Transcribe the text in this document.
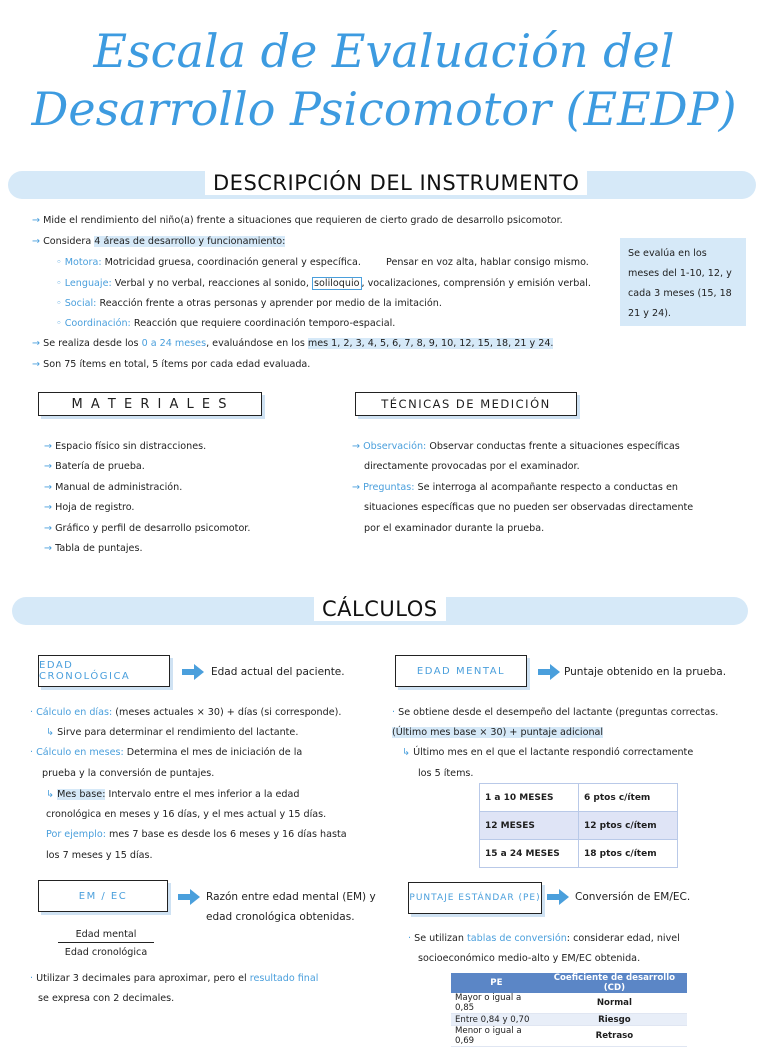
Escala de Evaluación del
Desarrollo Psicomotor (EEDP)
DESCRIPCIÓN DEL INSTRUMENTO
→ Mide el rendimiento del niño(a) frente a situaciones que requieren de cierto grado de desarrollo psicomotor.
→ Considera 4 áreas de desarrollo y funcionamiento:
◦ Motora: Motricidad gruesa, coordinación general y específica.	Pensar en voz alta, hablar consigo mismo.
◦ Lenguaje: Verbal y no verbal, reacciones al sonido, soliloquio , vocalizaciones, comprensión y emisión verbal.
◦ Social: Reacción frente a otras personas y aprender por medio de la imitación.
◦ Coordinación: Reacción que requiere coordinación temporo-espacial.
→ Se realiza desde los 0 a 24 meses, evaluándose en los mes 1, 2, 3, 4, 5, 6, 7, 8, 9, 10, 12, 15, 18, 21 y 24.
→ Son 75 ítems en total, 5 ítems por cada edad evaluada.
Se evalúa en los meses del 1-10, 12, y cada 3 meses (15, 18 21 y 24).
M A T E R I A L E S
→ Espacio físico sin distracciones.
→ Batería de prueba.
→ Manual de administración.
→ Hoja de registro.
→ Gráfico y perfil de desarrollo psicomotor.
→ Tabla de puntajes.
TÉCNICAS DE MEDICIÓN
→ Observación: Observar conductas frente a situaciones específicas
directamente provocadas por el examinador.
→ Preguntas: Se interroga al acompañante respecto a conductas en
situaciones específicas que no pueden ser observadas directamente
por el examinador durante la prueba.
CÁLCULOS
EDAD CRONOLÓGICA	Edad actual del paciente.
· Cálculo en días: (meses actuales × 30) + días (si corresponde).
↳ Sirve para determinar el rendimiento del lactante.
· Cálculo en meses: Determina el mes de iniciación de la
prueba y la conversión de puntajes.
↳ Mes base: Intervalo entre el mes inferior a la edad
cronológica en meses y 16 días, y el mes actual y 15 días.
Por ejemplo: mes 7 base es desde los 6 meses y 16 días hasta
los 7 meses y 15 días.
EDAD MENTAL	Puntaje obtenido en la prueba.
· Se obtiene desde el desempeño del lactante (preguntas correctas.
(Último mes base × 30) + puntaje adicional
↳ Último mes en el que el lactante respondió correctamente
los 5 ítems.
1 a 10 MESES	6 ptos c/ítem
12 MESES	12 ptos c/ítem
15 a 24 MESES	18 ptos c/ítem
EM / EC	Razón entre edad mental (EM) y
edad cronológica obtenidas.
Edad mental
Edad cronológica
· Utilizar 3 decimales para aproximar, pero el resultado final
se expresa con 2 decimales.
PUNTAJE ESTÁNDAR (PE)	Conversión de EM/EC.
· Se utilizan tablas de conversión: considerar edad, nivel
socioeconómico medio-alto y EM/EC obtenida.
PE	Coeficiente de desarrollo (CD)
Mayor o igual a 0,85	Normal
Entre 0,84 y 0,70	Riesgo
Menor o igual a 0,69	Retraso
